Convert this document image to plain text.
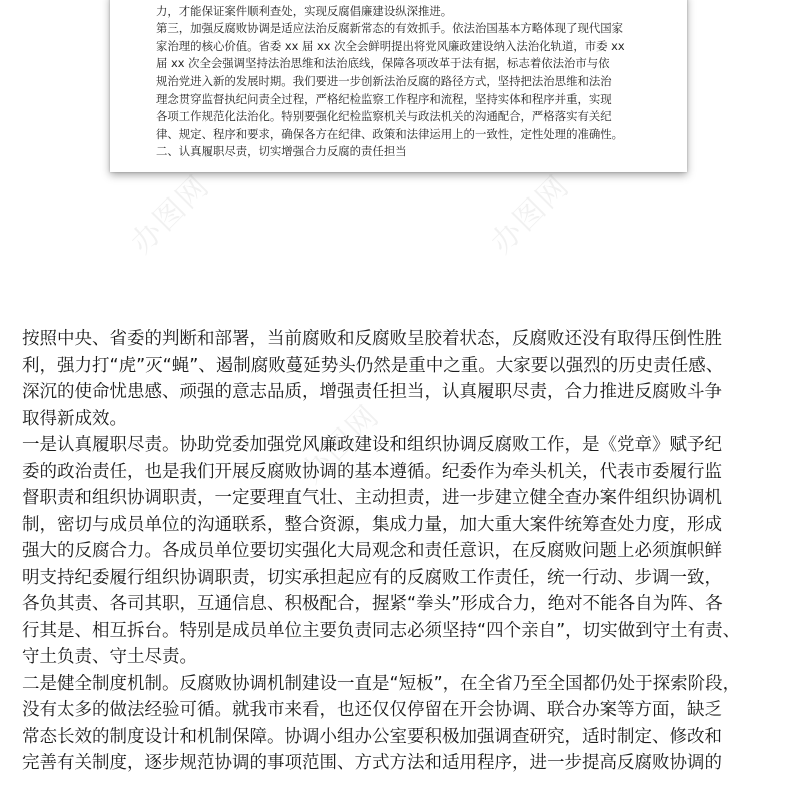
办图网	办图网
办图网
力，才能保证案件顺利查处，实现反腐倡廉建设纵深推进。
第三，加强反腐败协调是适应法治反腐新常态的有效抓手。依法治国基本方略体现了现代国家
家治理的核心价值。省委 xx 届 xx 次全会鲜明提出将党风廉政建设纳入法治化轨道，市委 xx
届 xx 次全会强调坚持法治思维和法治底线，保障各项改革于法有据，标志着依法治市与依
规治党进入新的发展时期。我们要进一步创新法治反腐的路径方式，坚持把法治思维和法治
理念贯穿监督执纪问责全过程，严格纪检监察工作程序和流程，坚持实体和程序并重，实现
各项工作规范化法治化。特别要强化纪检监察机关与政法机关的沟通配合，严格落实有关纪
律、规定、程序和要求，确保各方在纪律、政策和法律运用上的一致性，定性处理的准确性。
二、认真履职尽责，切实增强合力反腐的责任担当
按照中央、省委的判断和部署，当前腐败和反腐败呈胶着状态，反腐败还没有取得压倒性胜
利，强力打“虎”灭“蝇”、遏制腐败蔓延势头仍然是重中之重。大家要以强烈的历史责任感、
深沉的使命忧患感、顽强的意志品质，增强责任担当，认真履职尽责，合力推进反腐败斗争
取得新成效。
一是认真履职尽责。协助党委加强党风廉政建设和组织协调反腐败工作，是《党章》赋予纪
委的政治责任，也是我们开展反腐败协调的基本遵循。纪委作为牵头机关，代表市委履行监
督职责和组织协调职责，一定要理直气壮、主动担责，进一步建立健全查办案件组织协调机
制，密切与成员单位的沟通联系，整合资源，集成力量，加大重大案件统筹查处力度，形成
强大的反腐合力。各成员单位要切实强化大局观念和责任意识，在反腐败问题上必须旗帜鲜
明支持纪委履行组织协调职责，切实承担起应有的反腐败工作责任，统一行动、步调一致，
各负其责、各司其职，互通信息、积极配合，握紧“拳头”形成合力，绝对不能各自为阵、各
行其是、相互拆台。特别是成员单位主要负责同志必须坚持“四个亲自”，切实做到守土有责、
守土负责、守土尽责。
二是健全制度机制。反腐败协调机制建设一直是“短板”，在全省乃至全国都仍处于探索阶段，
没有太多的做法经验可循。就我市来看，也还仅仅停留在开会协调、联合办案等方面，缺乏
常态长效的制度设计和机制保障。协调小组办公室要积极加强调查研究，适时制定、修改和
完善有关制度，逐步规范协调的事项范围、方式方法和适用程序，进一步提高反腐败协调的
